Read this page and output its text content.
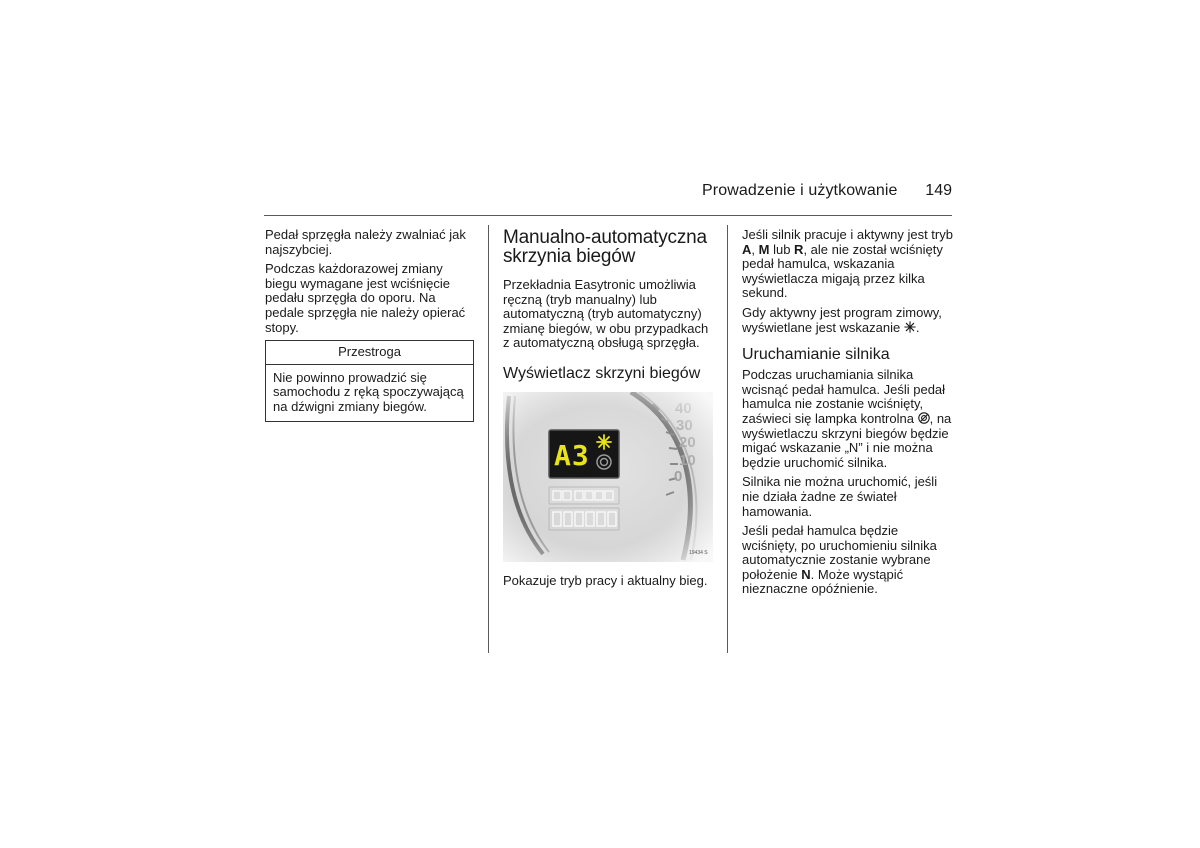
Prowadzenie i użytkowanie 149

Pedał sprzęgła należy zwalniać jak najszybciej.

Podczas każdorazowej zmiany biegu wymagane jest wciśnięcie pedału sprzęgła do oporu. Na pedale sprzęgła nie należy opierać stopy.

Przestroga
Nie powinno prowadzić się samochodu z ręką spoczywającą na dźwigni zmiany biegów.
Manualno-automatyczna skrzynia biegów

Przekładnia Easytronic umożliwia ręczną (tryb manualny) lub automatyczną (tryb automatyczny) zmianę biegów, w obu przypadkach z automatyczną obsługą sprzęgła.

Wyświetlacz skrzyni biegów
19434 S

Pokazuje tryb pracy i aktualny bieg.

Jeśli silnik pracuje i aktywny jest tryb A, M lub R, ale nie został wciśnięty pedał hamulca, wskazania wyświetlacza migają przez kilka sekund.

Gdy aktywny jest program zimowy, wyświetlane jest wskazanie .

Uruchamianie silnika

Podczas uruchamiania silnika wcisnąć pedał hamulca. Jeśli pedał hamulca nie zostanie wciśnięty, zaświeci się lampka kontrolna , na wyświetlaczu skrzyni biegów będzie migać wskazanie „N” i nie można będzie uruchomić silnika.

Silnika nie można uruchomić, jeśli nie działa żadne ze świateł hamowania.

Jeśli pedał hamulca będzie wciśnięty, po uruchomieniu silnika automatycznie zostanie wybrane położenie N. Może wystąpić nieznaczne opóźnienie.
